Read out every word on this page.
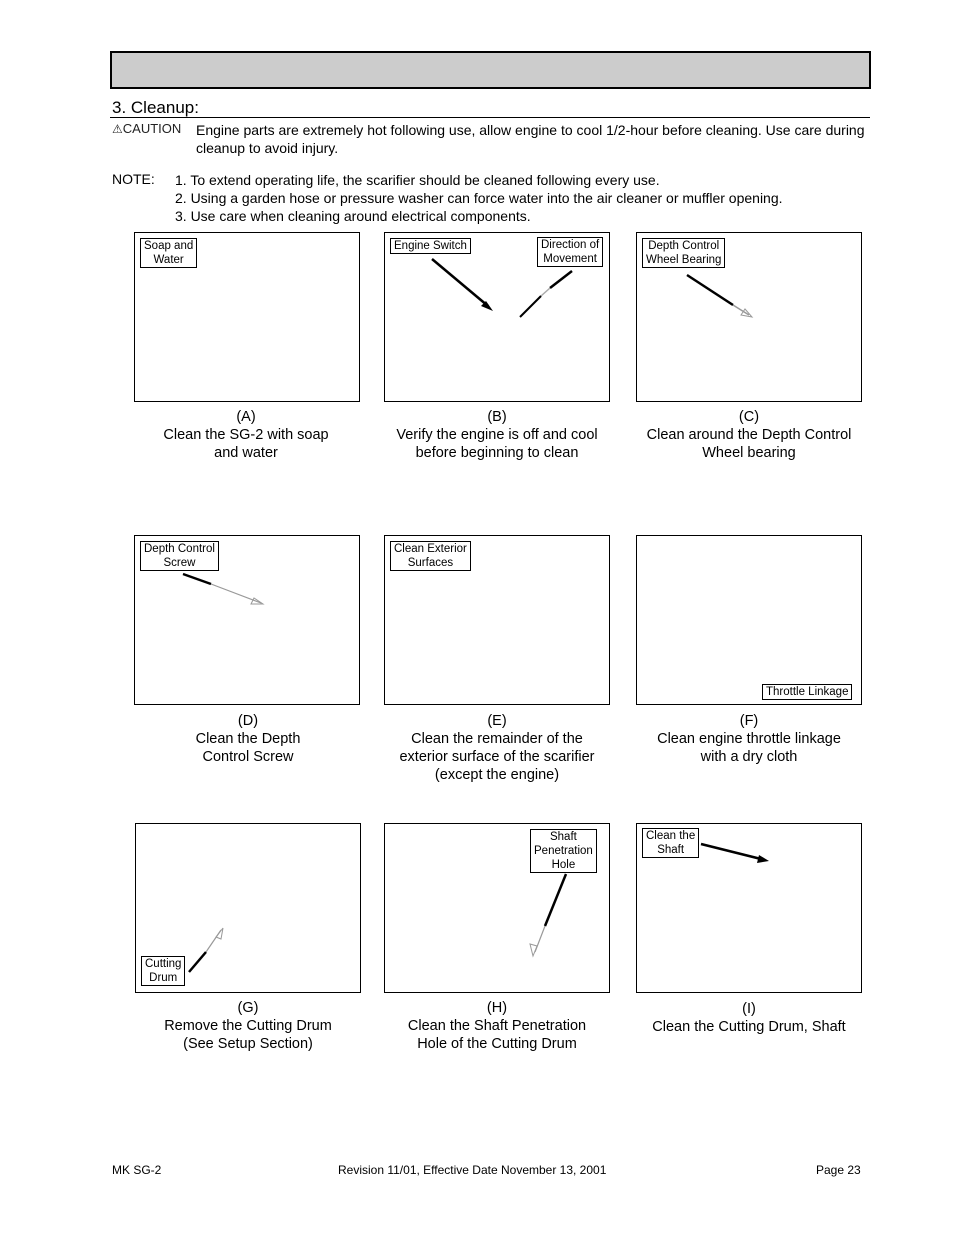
3. Cleanup:
⚠CAUTION	Engine parts are extremely hot following use, allow engine to cool 1/2-hour before cleaning. Use care during cleanup to avoid injury.
NOTE: 1. To extend operating life, the scarifier should be cleaned following every use.
2. Using a garden hose or pressure washer can force water into the air cleaner or muffler opening.
3. Use care when cleaning around electrical components.
Soap and
Water
Engine Switch	Direction of
Movement
Depth Control
Wheel Bearing
(A)
Clean the SG-2 with soap
and water
(B)
Verify the engine is off and cool
before beginning to clean
(C)
Clean around the Depth Control
Wheel bearing
Depth Control
Screw
Clean Exterior
Surfaces
Throttle Linkage
(D)
Clean the Depth
Control Screw
(E)
Clean the remainder of the
exterior surface of the scarifier
(except the engine)
(F)
Clean engine throttle linkage
with a dry cloth
Cutting
Drum
Shaft
Penetration
Hole
Clean the
Shaft
(G)
Remove the Cutting Drum
(See Setup Section)
(H)
Clean the Shaft Penetration
Hole of the Cutting Drum
(I)
Clean the Cutting Drum, Shaft
MK SG-2	Revision 11/01, Effective Date November 13, 2001	Page 23
